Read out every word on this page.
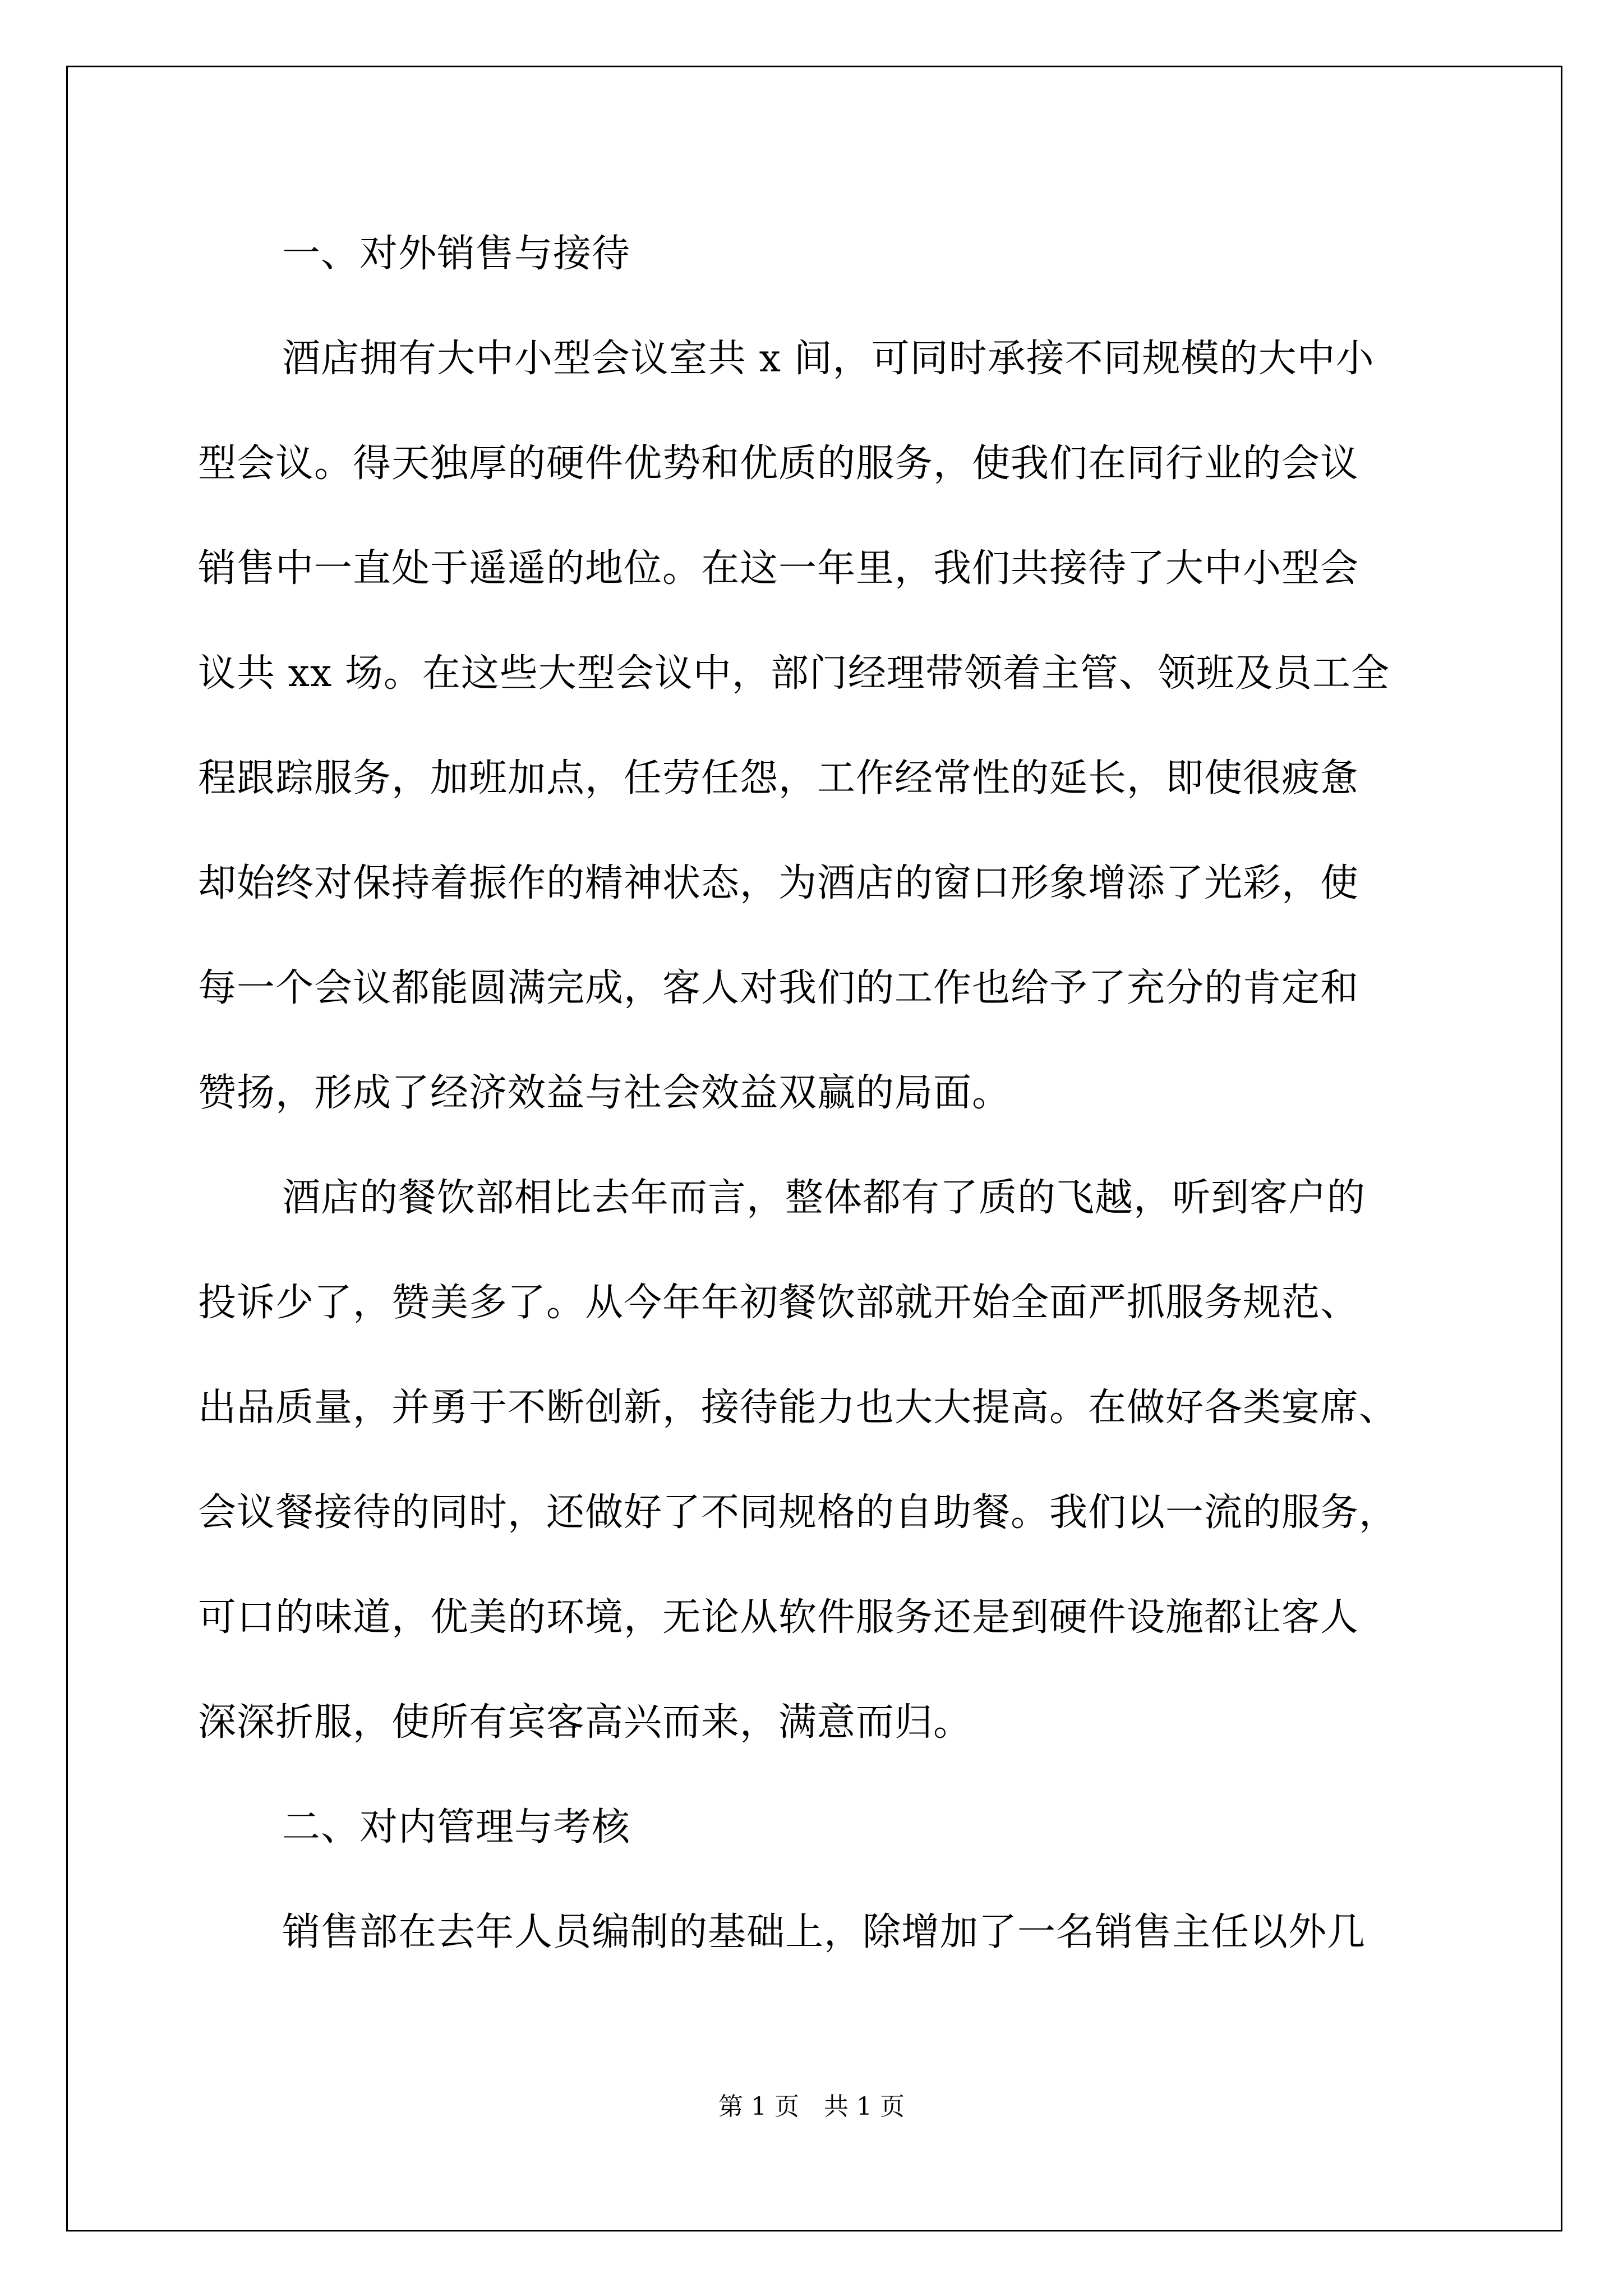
一、对外销售与接待
酒店拥有大中小型会议室共 x 间，可同时承接不同规模的大中小
型会议。得天独厚的硬件优势和优质的服务，使我们在同行业的会议
销售中一直处于遥遥的地位。在这一年里，我们共接待了大中小型会
议共 xx 场。在这些大型会议中，部门经理带领着主管、领班及员工全
程跟踪服务，加班加点，任劳任怨，工作经常性的延长，即使很疲惫
却始终对保持着振作的精神状态，为酒店的窗口形象增添了光彩，使
每一个会议都能圆满完成，客人对我们的工作也给予了充分的肯定和
赞扬，形成了经济效益与社会效益双赢的局面。
酒店的餐饮部相比去年而言，整体都有了质的飞越，听到客户的
投诉少了，赞美多了。从今年年初餐饮部就开始全面严抓服务规范、
出品质量，并勇于不断创新，接待能力也大大提高。在做好各类宴席、
会议餐接待的同时，还做好了不同规格的自助餐。我们以一流的服务，
可口的味道，优美的环境，无论从软件服务还是到硬件设施都让客人
深深折服，使所有宾客高兴而来，满意而归。
二、对内管理与考核
销售部在去年人员编制的基础上，除增加了一名销售主任以外几
第 1 页　共 1 页
